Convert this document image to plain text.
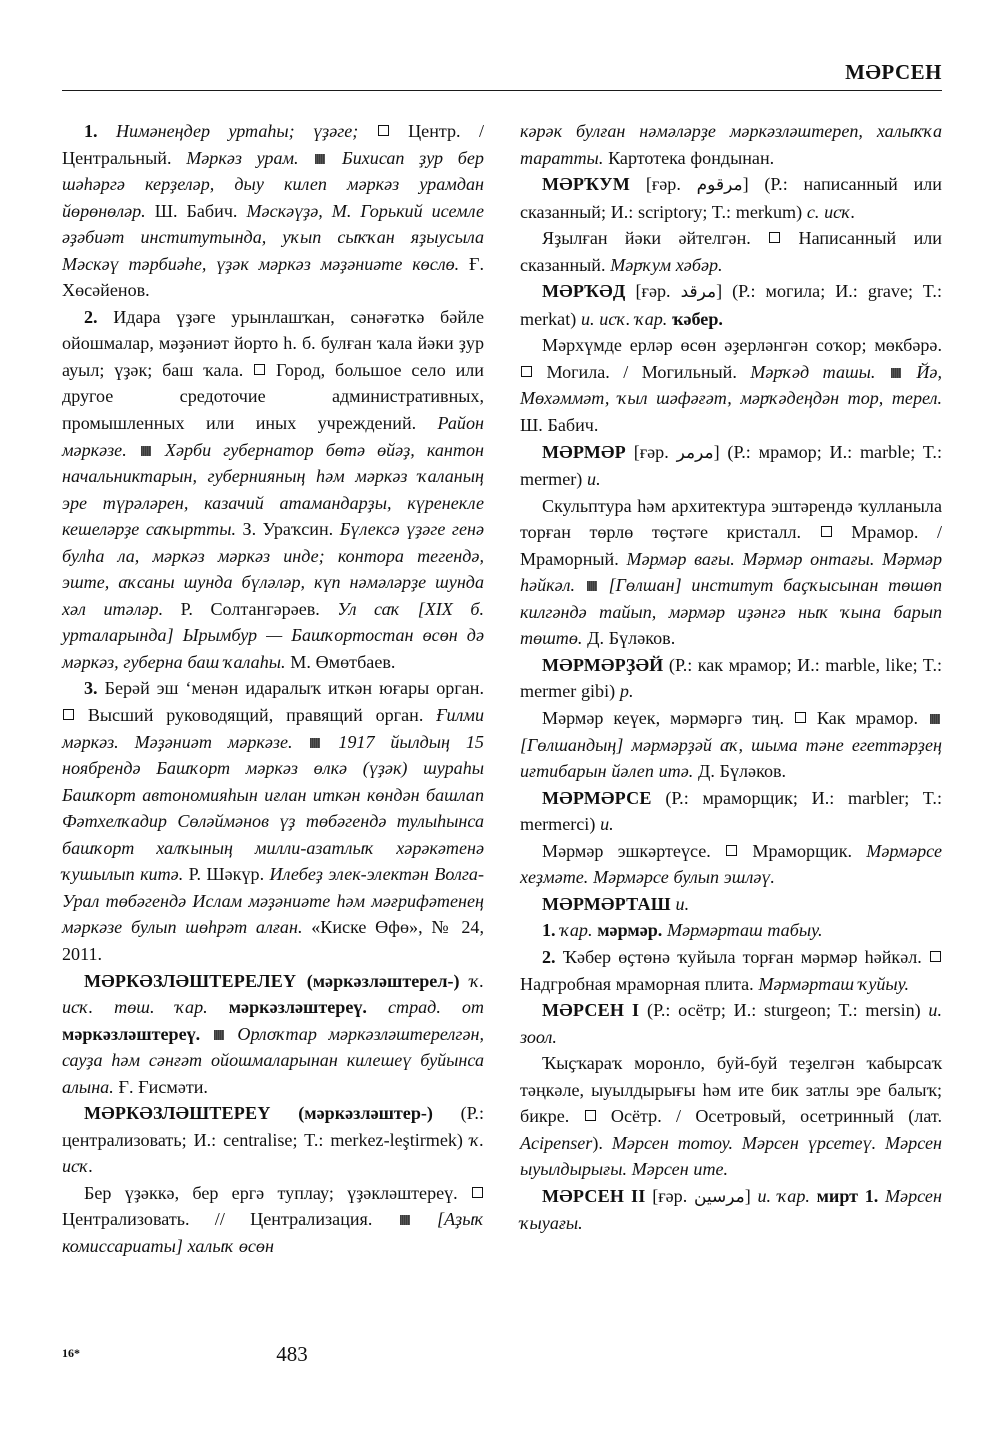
МӘРСЕН

1. Нимәнеңдер уртаһы; үҙәге;	Центр. / Центральный. Мәркәз урам. Бихисап ҙур бер шәһәргә керҙеләр, дыу килеп мәркәз урамдан йөрөнөләр. Ш. Бабич. Мәскәүҙә, М. Горький исемле әҙәбиәт институтында, уҡып сыҡҡан яҙыусыла Мәскәү тәрбиәһе, үҙәк мәркәз мәҙәниәте көслө. Ғ. Хөсәйенов.

2. Идара үҙәге урынлашҡан, сәнәғәткә бәйле ойошмалар, мәҙәниәт йорто һ. б. булған ҡала йәки ҙур ауыл; үҙәк; баш ҡала. Город, большое село или другое средоточие административных, промышленных или иных учреждений. Район мәркәзе. Хәрби губернатор бөтә өйәҙ, кантон начальниктарын, губернияның һәм мәркәз ҡаланың эре түрәләрен, казачий атамандарҙы, күренекле кешеләрҙе саҡыртты. З. Ураҡсин. Бүлексә үҙәге генә булһа ла, мәркәз мәркәз инде; контора тегендә, эште, аҡсаны шунда бүләләр, күп нәмәләрҙе шунда хәл итәләр. Р. Солтангәрәев. Ул саҡ [XIX б. урталарында] Ырымбур — Башҡортостан өсөн дә мәркәз, губерна баш ҡалаһы. М. Өмөтбаев.

3. Берәй эш ʻменән идаралыҡ иткән юғары орган.  Высший руководящий, правящий орган. Ғилми мәркәз. Мәҙәниәт мәркәзе.	1917 йылдың 15 ноябрендә Башҡорт мәркәз өлкә (үҙәк) шураһы Башҡорт автономияһын иғлан иткән көндән башлап Фәтхелҡадир Сөләймәнов үҙ төбәгендә тулыһынса башҡорт халҡының милли-азатлыҡ хәрәкәтенә ҡушылып китә. Р. Шәкүр. Илебеҙ элек-электән Волга-Урал төбәгендә Ислам мәҙәниәте һәм мәғрифәтенең мәркәзе булып шөһрәт алған. «Киске Өфө», № 24, 2011.

МӘРКӘЗЛӘШТЕРЕЛЕҮ (мәркәзләштерел-) ҡ. исҡ. төш. ҡар. мәркәзләштереү. страд. от мәркәзләштереү. Орлоҡтар мәркәзләштерелгән, сауҙа һәм сәнғәт ойошмаларынан килешеү буйынса алына. Ғ. Ғисмәти.

МӘРКӘЗЛӘШТЕРЕҮ (мәркәзләштер-) (Р.: централизовать; И.: centralise; T.: merkez-leştirmek) ҡ. исҡ.

Бер үҙәккә, бер ергә туплау; үҙәкләштереү.  Централизовать. // Централизация.	[Аҙыҡ комиссариаты] халыҡ өсөн

кәрәк булған нәмәләрҙе мәркәзләштереп, халыҡҡа таратты. Картотека фондынан.

МӘРҠУМ [ғәр. مرقوم] (Р.: написанный или сказанный; И.: scriptory; T.: merkum) с. исҡ.

Яҙылған йәки әйтелгән.	Написанный или сказанный. Мәрҡум хәбәр.

МӘРҠӘД [ғәр. مرقد] (Р.: могила; И.: grave; T.: merkat) и. исҡ. ҡар. ҡәбер.

Мәрхүмде ерләр өсөн әҙерләнгән соҡор; мөкбәрә.  Могила. / Могильный. Мәрҡәд ташы. Йә, Мөхәммәт, ҡыл шәфәғәт, мәрҡәдеңдән тор, терел. Ш. Бабич.

МӘРМӘР [ғәр. مرمر] (Р.: мрамор; И.: marble; T.: mermer) и.

Скульптура һәм архитектура эштәрендә ҡулланыла торған төрлө төҫтәге кристалл.	Мрамор. / Мраморный. Мәрмәр вағы. Мәрмәр онтағы. Мәрмәр һәйкәл. [Гөлшан] институт баҫҡысынан төшөп килгәндә тайып, мәрмәр иҙәнгә ныҡ ҡына барып төштө. Д. Бүләков.

МӘРМӘРҘӘЙ (Р.: как мрамор; И.: marble, like; T.: mermer gibi) р.

Мәрмәр кеүек, мәрмәргә тиң. Как мрамор.  [Гөлшандың] мәрмәрҙәй аҡ, шыма тәне егеттәрҙең иғтибарын йәлеп итә. Д. Бүләков.

МӘРМӘРСЕ (Р.: мраморщик; И.: marbler; T.: mermerci) и.

Мәрмәр эшкәртеүсе. Мраморщик. Мәрмәрсе хеҙмәте. Мәрмәрсе булып эшләү.

МӘРМӘРТАШ и.

1. ҡар. мәрмәр. Мәрмәрташ табыу.

2. Ҡәбер өҫтөнә ҡуйыла торған мәрмәр һәйкәл.  Надгробная мраморная плита. Мәрмәрташ ҡуйыу.

МӘРСЕН I (Р.: осётр; И.: sturgeon; T.: mersin) и. зоол.

Ҡыҫҡараҡ моронло, буй-буй теҙелгән ҡабырсаҡ тәңкәле, ыуылдырығы һәм ите бик затлы эре балыҡ; бикре. Осётр. / Осетровый, осетринный (лат. Acipenser). Мәрсен тотоу. Мәрсен үрсетеү. Мәрсен ыуылдырығы. Мәрсен ите.

МӘРСЕН II [ғәр. مرسين] и. ҡар. мирт 1. Мәрсен ҡыуағы.

16*	483
